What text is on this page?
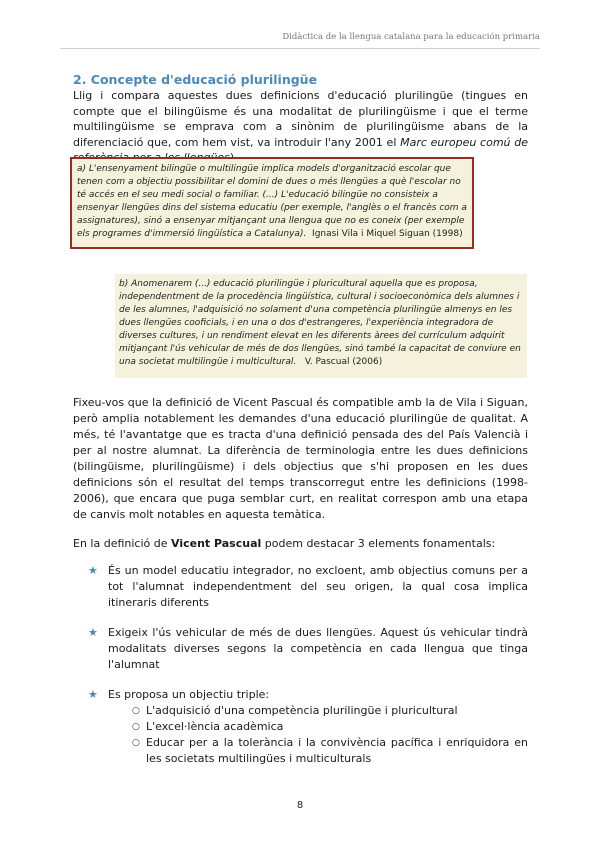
Didàctica de la llengua catalana para la educación primaria
2. Concepte d'educació plurilingüe

Llig i compara aquestes dues definicions d'educació plurilingüe (tingues en compte que el bilingüisme és una modalitat de plurilingüisme i que el terme multilingüisme se emprava com a sinònim de plurilingüisme abans de la diferenciació que, com hem vist, va introduir l'any 2001 el Marc europeu comú de

a) L'ensenyament bilingüe o multilingüe implica models d'organització escolar que tenen com a objectiu possibilitar el domini de dues o més llengües a què l'escolar no té accés en el seu medi social o familiar. (...) L'educació bilingüe no consisteix a ensenyar llengües dins del sistema educatiu (per exemple, l'anglès o el francès com a assignatures), sinó a ensenyar mitjançant una llengua que no es coneix (per exemple els programes d'immersió lingüística a Catalunya). Ignasi Vila i Miquel Siguan (1998)
b) Anomenarem (...) educació plurilingüe i pluricultural aquella que es proposa, independentment de la procedència lingüística, cultural i socioeconòmica dels alumnes i de les alumnes, l'adquisició no solament d'una competència plurilingüe almenys en les dues llengües cooficials, i en una o dos d'estrangeres, l'experiència integradora de diverses cultures, i un rendiment elevat en les diferents àrees del currículum adquirit mitjançant l'ús vehicular de més de dos llengües, sinó també la capacitat de conviure en una societat multilingüe i multicultural. V. Pascual (2006)

Fixeu-vos que la definició de Vicent Pascual és compatible amb la de Vila i Siguan, però amplia notablement les demandes d'una educació plurilingüe de qualitat. A més, té l'avantatge que es tracta d'una definició pensada des del País Valencià i per al nostre alumnat. La diferència de terminologia entre les dues definicions (bilingüisme, plurilingüisme) i dels objectius que s'hi proposen en les dues definicions són el resultat del temps transcorregut entre les definicions (1998-2006), que encara que puga semblar curt, en realitat correspon amb una etapa de canvis molt notables en aquesta temàtica.

En la definició de Vicent Pascual podem destacar 3 elements fonamentals:

★ És un model educatiu integrador, no excloent, amb objectius comuns per a tot l'alumnat independentment del seu origen, la qual cosa implica itineraris diferents
★ Exigeix l'ús vehicular de més de dues llengües. Aquest ús vehicular tindrà modalitats diverses segons la competència en cada llengua que tinga l'alumnat
★ Es proposa un objectiu triple:
○ L'adquisició d'una competència plurilingüe i pluricultural
○ L'excel·lència acadèmica
○ Educar per a la tolerància i la convivència pacífica i enriquidora en les societats multilingües i multiculturals
8
